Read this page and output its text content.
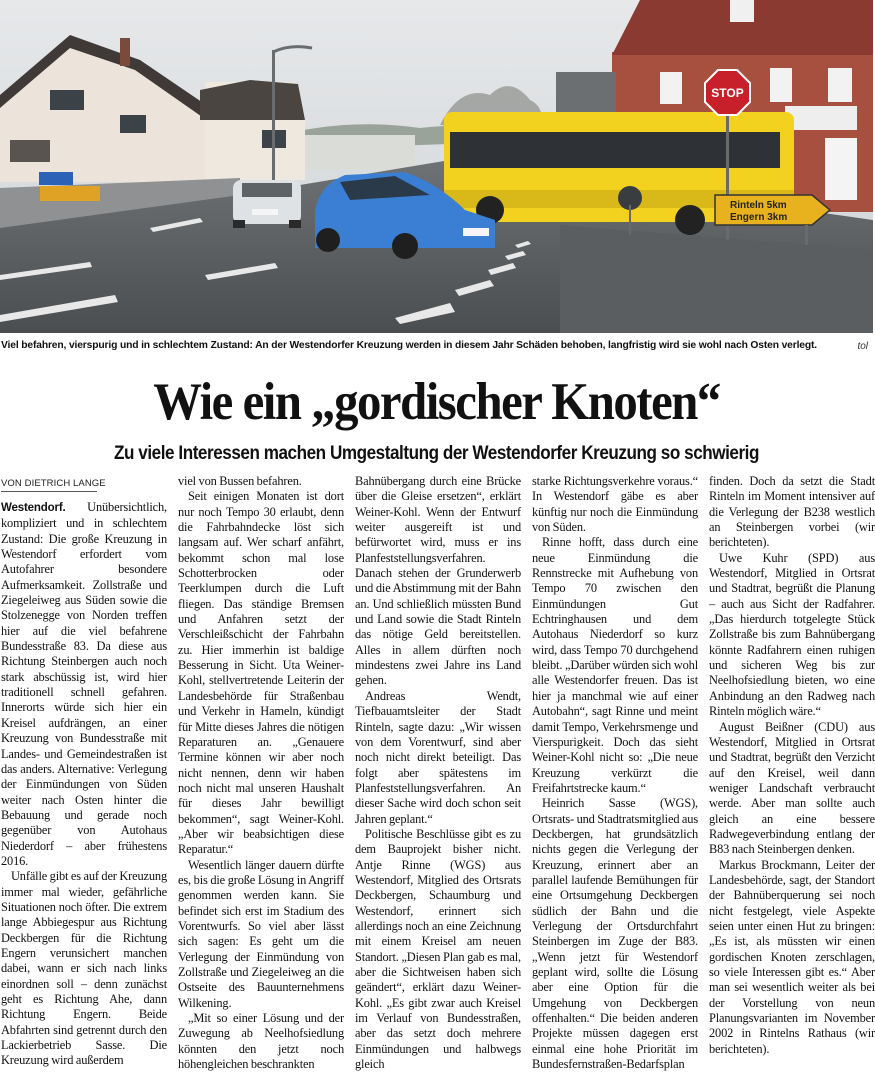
STOP
Rinteln 5km
Engern 3km
Viel befahren, vierspurig und in schlechtem Zustand: An der Westendorfer Kreuzung werden in diesem Jahr Schäden behoben, langfristig wird sie wohl nach Osten verlegt.	tol
Wie ein „gordischer Knoten“
Zu viele Interessen machen Umgestaltung der Westendorfer Kreuzung so schwierig
VON DIETRICH LANGE

Westendorf. Unübersichtlich, kompliziert und in schlechtem Zustand: Die große Kreuzung in Westendorf erfordert vom Autofahrer besondere Aufmerksamkeit. Zollstraße und Ziegeleiweg aus Süden sowie die Stolzenegge von Norden treffen hier auf die viel befahrene Bundesstraße 83. Da diese aus Richtung Steinbergen auch noch stark abschüssig ist, wird hier traditionell schnell gefahren. Innerorts würde sich hier ein Kreisel aufdrängen, an einer Kreuzung von Bundesstraße mit Landes- und Gemeindestraßen ist das anders. Alternative: Verlegung der Einmündungen von Süden weiter nach Osten hinter die Bebauung und gerade noch gegenüber von Autohaus Niederdorf – aber frühestens 2016.

Unfälle gibt es auf der Kreuzung immer mal wieder, gefährliche Situationen noch öfter. Die extrem lange Abbiegespur aus Richtung Deckbergen für die Richtung Engern verunsichert manchen dabei, wann er sich nach links einordnen soll – denn zunächst geht es Richtung Ahe, dann Richtung Engern. Beide Abfahrten sind getrennt durch den Lackierbetrieb Sasse. Die Kreuzung wird außerdem

viel von Bussen befahren.

Seit einigen Monaten ist dort nur noch Tempo 30 erlaubt, denn die Fahrbahndecke löst sich langsam auf. Wer scharf anfährt, bekommt schon mal lose Schotterbrocken oder Teerklumpen durch die Luft fliegen. Das ständige Bremsen und Anfahren setzt der Verschleißschicht der Fahrbahn zu. Hier immerhin ist baldige Besserung in Sicht. Uta Weiner-Kohl, stellvertretende Leiterin der Landesbehörde für Straßenbau und Verkehr in Hameln, kündigt für Mitte dieses Jahres die nötigen Reparaturen an. „Genauere Termine können wir aber noch nicht nennen, denn wir haben noch nicht mal unseren Haushalt für dieses Jahr bewilligt bekommen“, sagt Weiner-Kohl. „Aber wir beabsichtigen diese Reparatur.“

Wesentlich länger dauern dürfte es, bis die große Lösung in Angriff genommen werden kann. Sie befindet sich erst im Stadium des Vorentwurfs. So viel aber lässt sich sagen: Es geht um die Verlegung der Einmündung von Zollstraße und Ziegeleiweg an die Ostseite des Bauunternehmens Wilkening.

„Mit so einer Lösung und der Zuwegung ab Neelhofsiedlung könnten den jetzt noch höhengleichen beschrankten

Bahnübergang durch eine Brücke über die Gleise ersetzen“, erklärt Weiner-Kohl. Wenn der Entwurf weiter ausgereift ist und befürwortet wird, muss er ins Planfeststellungsverfahren. Danach stehen der Grunderwerb und die Abstimmung mit der Bahn an. Und schließlich müssten Bund und Land sowie die Stadt Rinteln das nötige Geld bereitstellen. Alles in allem dürften noch mindestens zwei Jahre ins Land gehen.

Andreas Wendt, Tiefbauamtsleiter der Stadt Rinteln, sagte dazu: „Wir wissen von dem Vorentwurf, sind aber noch nicht direkt beteiligt. Das folgt aber spätestens im Planfeststellungsverfahren. An dieser Sache wird doch schon seit Jahren geplant.“

Politische Beschlüsse gibt es zu dem Bauprojekt bisher nicht. Antje Rinne (WGS) aus Westendorf, Mitglied des Ortsrats Deckbergen, Schaumburg und Westendorf, erinnert sich allerdings noch an eine Zeichnung mit einem Kreisel am neuen Standort. „Diesen Plan gab es mal, aber die Sichtweisen haben sich geändert“, erklärt dazu Weiner-Kohl. „Es gibt zwar auch Kreisel im Verlauf von Bundesstraßen, aber das setzt doch mehrere Einmündungen und halbwegs gleich

starke Richtungsverkehre voraus.“ In Westendorf gäbe es aber künftig nur noch die Einmündung von Süden.

Rinne hofft, dass durch eine neue Einmündung die Rennstrecke mit Aufhebung von Tempo 70 zwischen den Einmündungen Gut Echtringhausen und dem Autohaus Niederdorf so kurz wird, dass Tempo 70 durchgehend bleibt. „Darüber würden sich wohl alle Westendorfer freuen. Das ist hier ja manchmal wie auf einer Autobahn“, sagt Rinne und meint damit Tempo, Verkehrsmenge und Vierspurigkeit. Doch das sieht Weiner-Kohl nicht so: „Die neue Kreuzung verkürzt die Freifahrtstrecke kaum.“

Heinrich Sasse (WGS), Ortsrats- und Stadtratsmitglied aus Deckbergen, hat grundsätzlich nichts gegen die Verlegung der Kreuzung, erinnert aber an parallel laufende Bemühungen für eine Ortsumgehung Deckbergen südlich der Bahn und die Verlegung der Ortsdurchfahrt Steinbergen im Zuge der B83. „Wenn jetzt für Westendorf geplant wird, sollte die Lösung aber eine Option für die Umgehung von Deckbergen offenhalten.“ Die beiden anderen Projekte müssen dagegen erst einmal eine hohe Priorität im Bundesfernstraßen-Bedarfsplan

finden. Doch da setzt die Stadt Rinteln im Moment intensiver auf die Verlegung der B238 westlich an Steinbergen vorbei (wir berichteten).

Uwe Kuhr (SPD) aus Westendorf, Mitglied in Ortsrat und Stadtrat, begrüßt die Planung – auch aus Sicht der Radfahrer. „Das hierdurch totgelegte Stück Zollstraße bis zum Bahnübergang könnte Radfahrern einen ruhigen und sicheren Weg bis zur Neelhofsiedlung bieten, wo eine Anbindung an den Radweg nach Rinteln möglich wäre.“

August Beißner (CDU) aus Westendorf, Mitglied in Ortsrat und Stadtrat, begrüßt den Verzicht auf den Kreisel, weil dann weniger Landschaft verbraucht werde. Aber man sollte auch gleich an eine bessere Radwegeverbindung entlang der B83 nach Steinbergen denken.

Markus Brockmann, Leiter der Landesbehörde, sagt, der Standort der Bahnüberquerung sei noch nicht festgelegt, viele Aspekte seien unter einen Hut zu bringen: „Es ist, als müssten wir einen gordischen Knoten zerschlagen, so viele Interessen gibt es.“ Aber man sei wesentlich weiter als bei der Vorstellung von neun Planungsvarianten im November 2002 in Rintelns Rathaus (wir berichteten).
